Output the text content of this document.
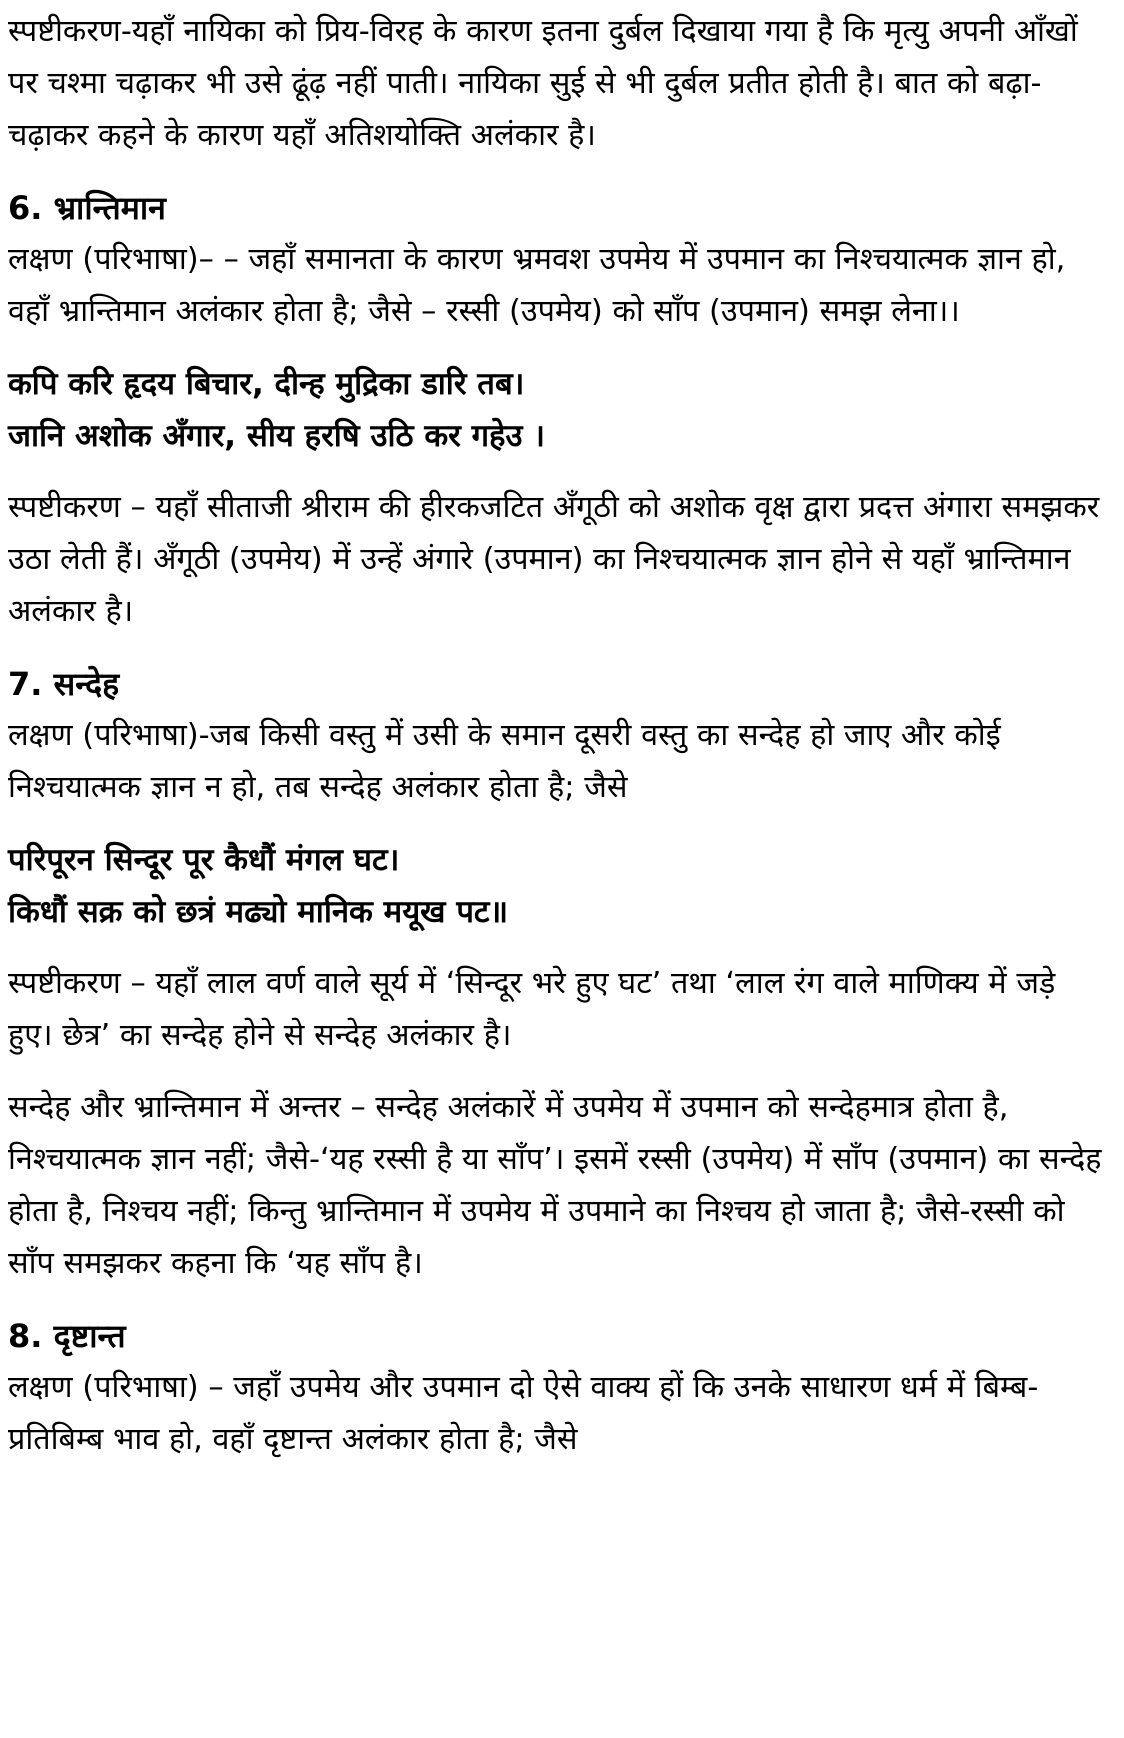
स्पष्टीकरण-यहाँ नायिका को प्रिय-विरह के कारण इतना दुर्बल दिखाया गया है कि मृत्यु अपनी आँखों पर चश्मा चढ़ाकर भी उसे ढूंढ़ नहीं पाती। नायिका सुई से भी दुर्बल प्रतीत होती है। बात को बढ़ा-चढ़ाकर कहने के कारण यहाँ अतिशयोक्ति अलंकार है।

6. भ्रान्तिमान

लक्षण (परिभाषा)– – जहाँ समानता के कारण भ्रमवश उपमेय में उपमान का निश्चयात्मक ज्ञान हो, वहाँ भ्रान्तिमान अलंकार होता है; जैसे – रस्सी (उपमेय) को साँप (उपमान) समझ लेना।।

कपि करि हृदय बिचार, दीन्ह मुद्रिका डारि तब।

जानि अशोक अँगार, सीय हरषि उठि कर गहेउ ।

स्पष्टीकरण – यहाँ सीताजी श्रीराम की हीरकजटित अँगूठी को अशोक वृक्ष द्वारा प्रदत्त अंगारा समझकर उठा लेती हैं। अँगूठी (उपमेय) में उन्हें अंगारे (उपमान) का निश्चयात्मक ज्ञान होने से यहाँ भ्रान्तिमान अलंकार है।

7. सन्देह

लक्षण (परिभाषा)-जब किसी वस्तु में उसी के समान दूसरी वस्तु का सन्देह हो जाए और कोई निश्चयात्मक ज्ञान न हो, तब सन्देह अलंकार होता है; जैसे

परिपूरन सिन्दूर पूर कैधौं मंगल घट।

किधौं सक्र को छत्रं मढ्यो मानिक मयूख पट॥

स्पष्टीकरण – यहाँ लाल वर्ण वाले सूर्य में ‘सिन्दूर भरे हुए घट’ तथा ‘लाल रंग वाले माणिक्य में जड़े हुए। छेत्र’ का सन्देह होने से सन्देह अलंकार है।

सन्देह और भ्रान्तिमान में अन्तर – सन्देह अलंकारें में उपमेय में उपमान को सन्देहमात्र होता है, निश्चयात्मक ज्ञान नहीं; जैसे-‘यह रस्सी है या साँप’। इसमें रस्सी (उपमेय) में साँप (उपमान) का सन्देह होता है, निश्चय नहीं; किन्तु भ्रान्तिमान में उपमेय में उपमाने का निश्चय हो जाता है; जैसे-रस्सी को साँप समझकर कहना कि ‘यह साँप है।

8. दृष्टान्त

लक्षण (परिभाषा) – जहाँ उपमेय और उपमान दो ऐसे वाक्य हों कि उनके साधारण धर्म में बिम्ब-प्रतिबिम्ब भाव हो, वहाँ दृष्टान्त अलंकार होता है; जैसे
